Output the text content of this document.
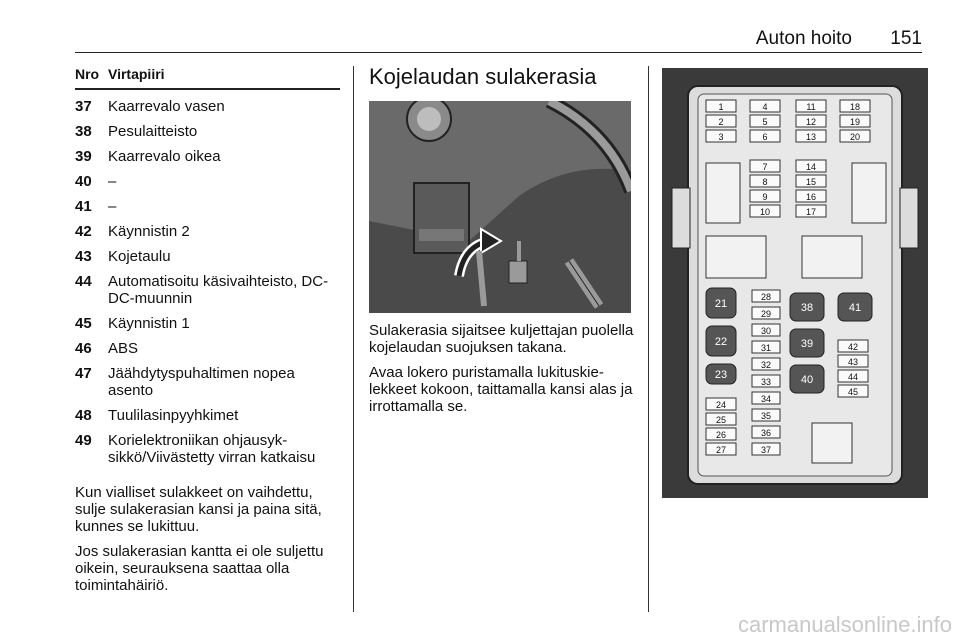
Auton hoito 151
Nro Virtapiiri
37	Kaarrevalo vasen
38	Pesulaitteisto
39	Kaarrevalo oikea
40	–
41	–
42	Käynnistin 2
43	Kojetaulu
44	Automatisoitu käsivaihteisto, DC-DC-muunnin
45	Käynnistin 1
46	ABS
47	Jäähdytyspuhaltimen nopea asento
48	Tuulilasinpyyhkimet
49	Korielektroniikan ohjausyksikkö/Viivästetty virran katkaisu
Kun vialliset sulakkeet on vaihdettu, sulje sulakerasian kansi ja paina sitä, kunnes se lukittuu.
Jos sulakerasian kantta ei ole suljettu oikein, seurauksena saattaa olla toimintahäiriö.
Kojelaudan sulakerasia
Sulakerasia sijaitsee kuljettajan puolella kojelaudan suojuksen takana.
Avaa lokero puristamalla lukituskielekkeet kokoon, taittamalla kansi alas ja irrottamalla se.
1
2
3
4
5
6
11
12
13
18
19
20
7
8
9
10
14
15
16
17
21
22
23
24
25
26
27
28
29
30
31
32
33
34
35
36
37
38
39
40
41
42
43
44
45
carmanualsonline.info
